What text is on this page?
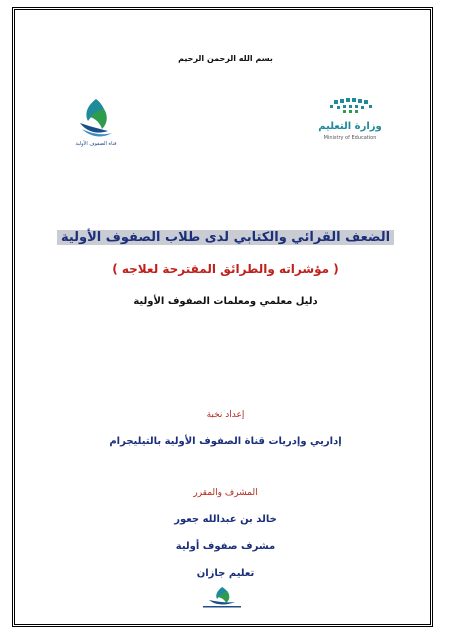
بسم الله الرحمن الرحيم
وزارة التعليم
Ministry of Education
قناة الصفوف الأولية
الضعف القرائي والكتابي لدى طلاب الصفوف الأولية
( مؤشراته والطرائق المقترحة لعلاجه )
دليل معلمي ومعلمات الصفوف الأولية
إعداد نخبة
إداريي وإدريات قناة الصفوف الأولية بالتيليجرام
المشرف والمقرر
خالد بن عبدالله جعور
مشرف صفوف أولية
تعليم جازان
